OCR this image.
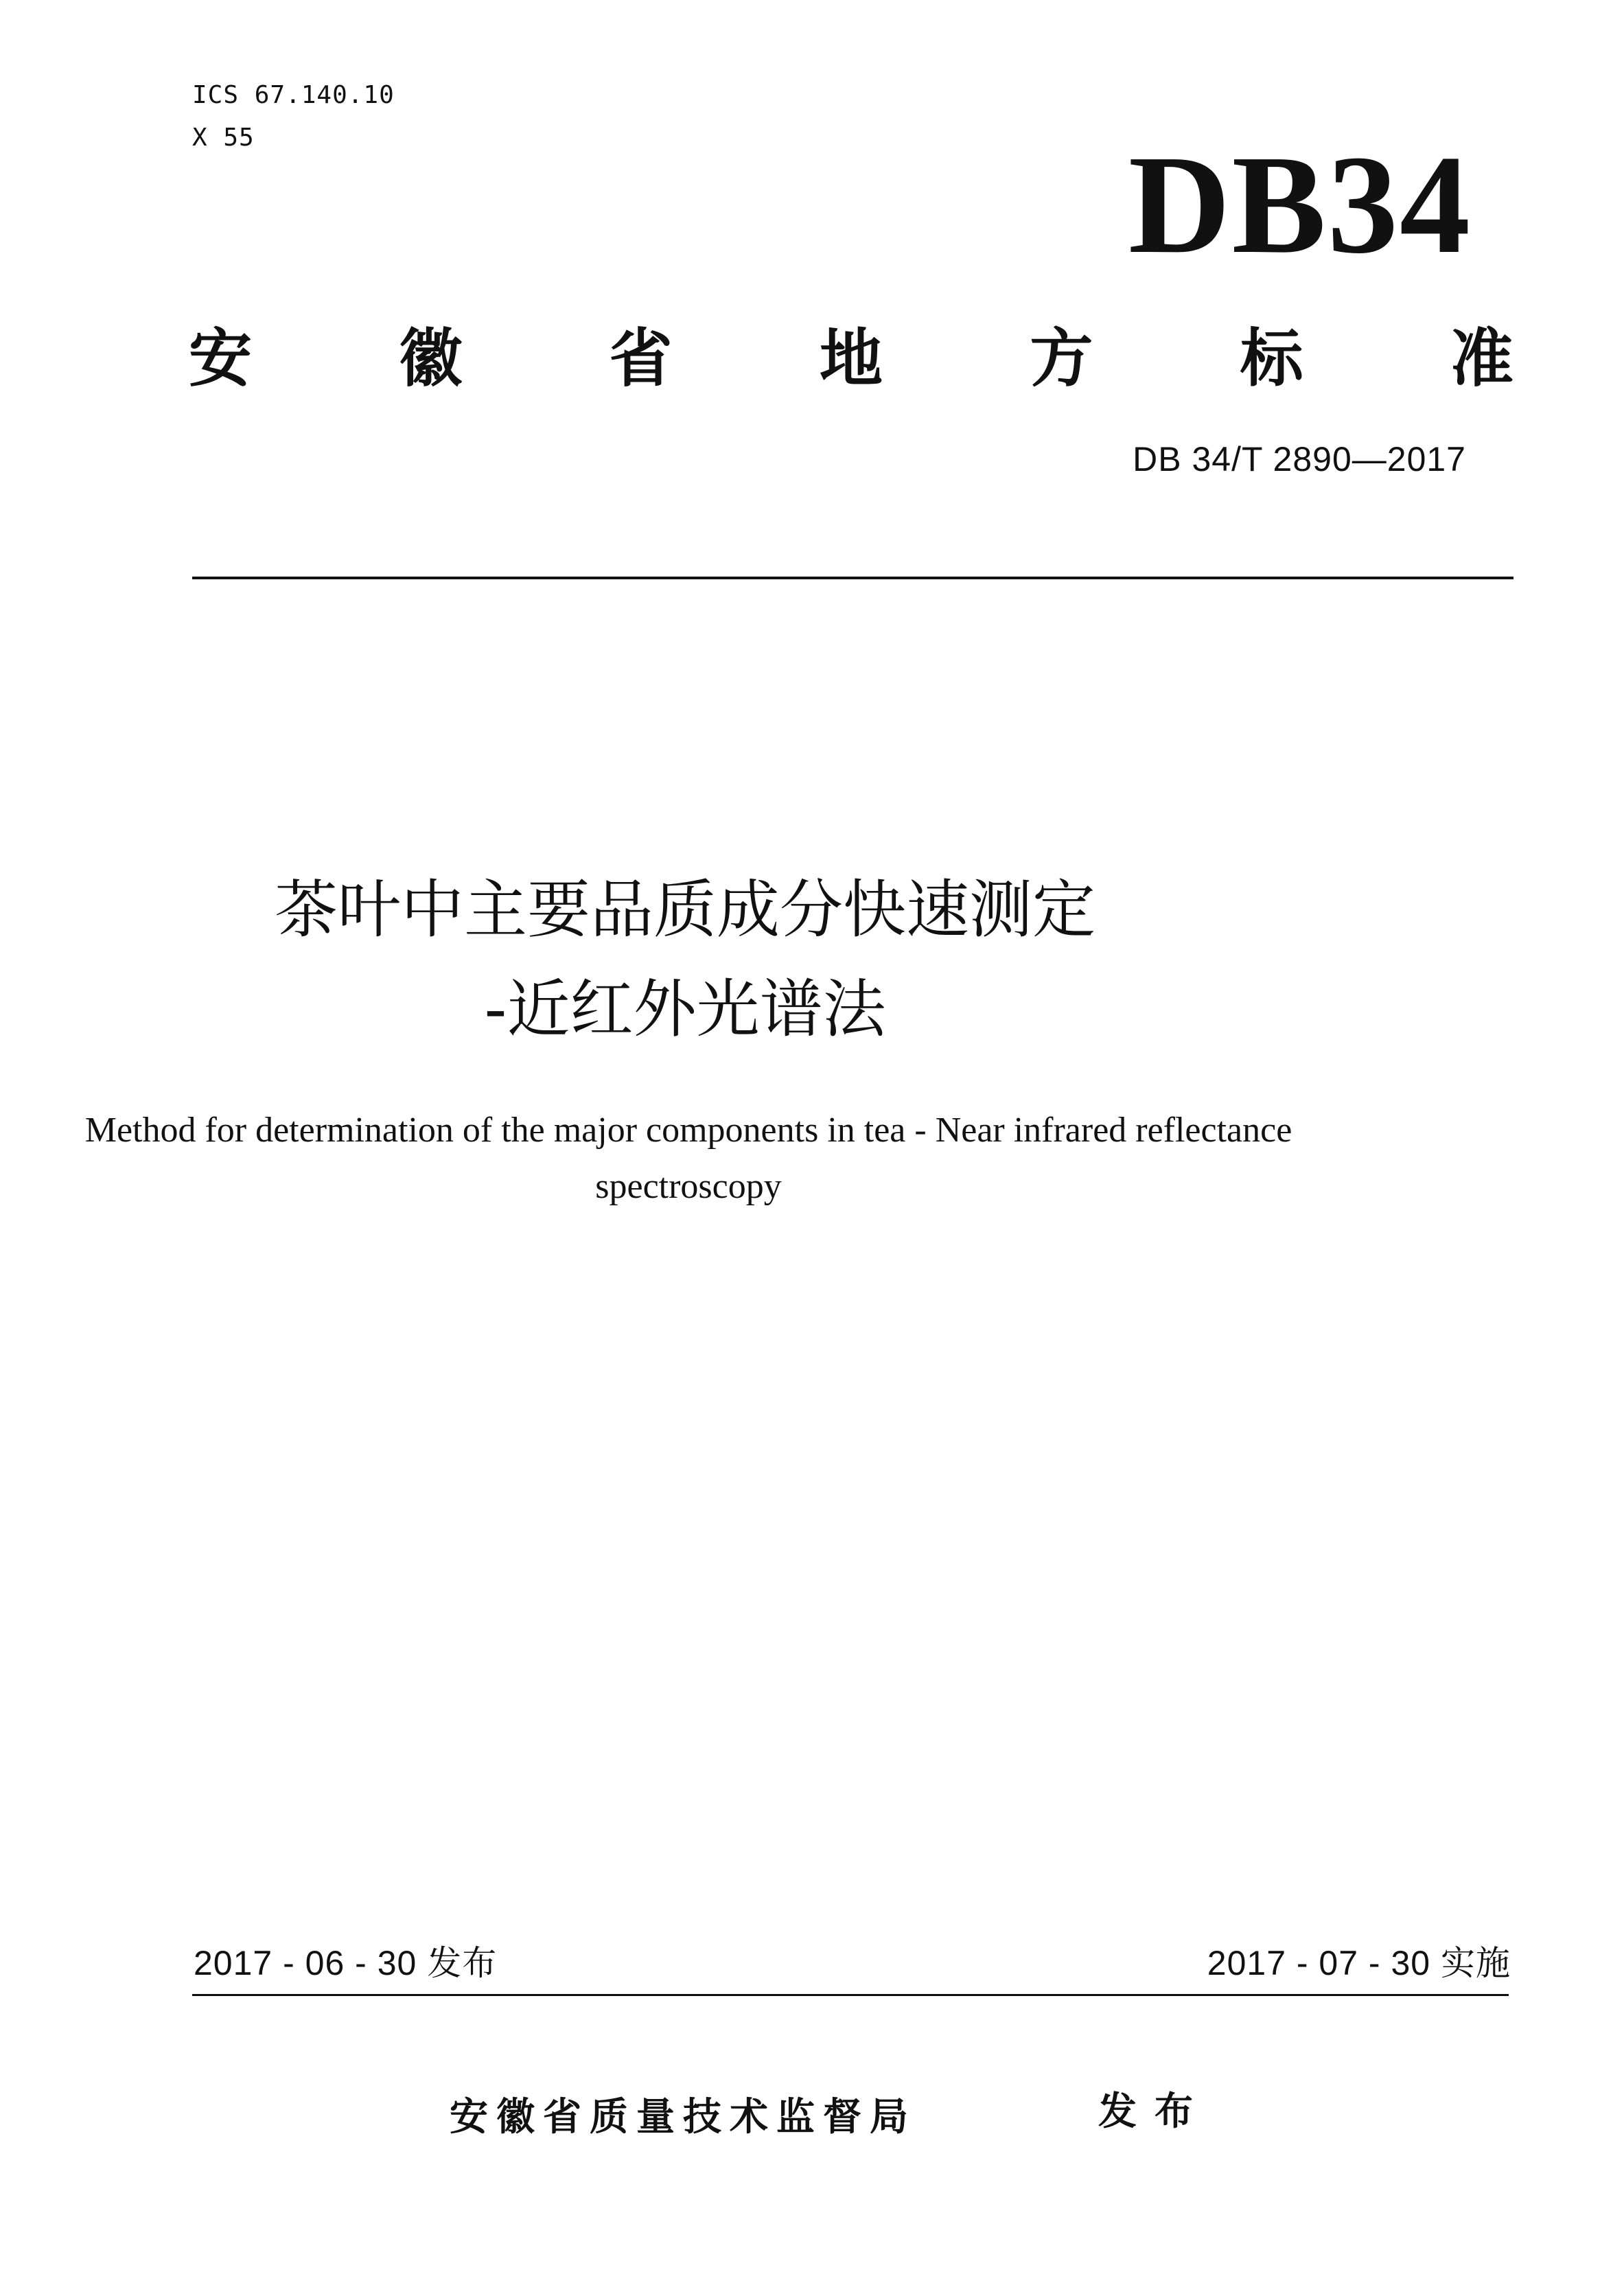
ICS 67.140.10
X 55	DB34
安 徽 省 地 方 标 准
DB 34/T 2890—2017
茶叶中主要品质成分快速测定
-近红外光谱法
Method for determination of the major components in tea - Near infrared reflectance
spectroscopy
2017 - 06 - 30 发布	2017 - 07 - 30 实施
安徽省质量技术监督局	发布
